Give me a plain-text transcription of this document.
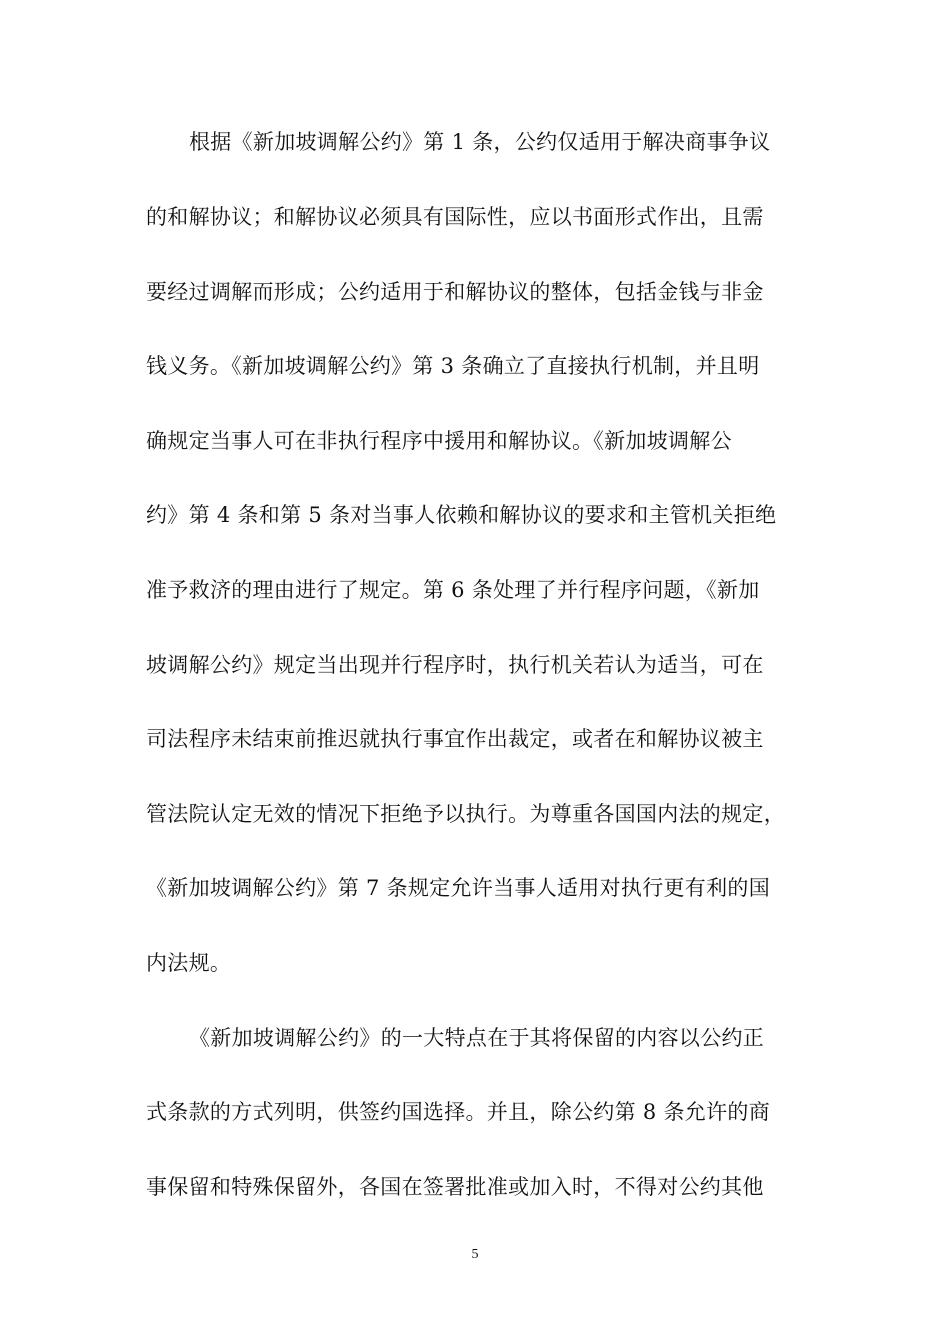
根据《新加坡调解公约》第 1 条，公约仅适用于解决商事争议
的和解协议；和解协议必须具有国际性，应以书面形式作出，且需
要经过调解而形成；公约适用于和解协议的整体，包括金钱与非金
钱义务。《新加坡调解公约》第 3 条确立了直接执行机制，并且明
确规定当事人可在非执行程序中援用和解协议。《新加坡调解公
约》第 4 条和第 5 条对当事人依赖和解协议的要求和主管机关拒绝
准予救济的理由进行了规定。第 6 条处理了并行程序问题，《新加
坡调解公约》规定当出现并行程序时，执行机关若认为适当，可在
司法程序未结束前推迟就执行事宜作出裁定，或者在和解协议被主
管法院认定无效的情况下拒绝予以执行。为尊重各国国内法的规定，
《新加坡调解公约》第 7 条规定允许当事人适用对执行更有利的国
内法规。
《新加坡调解公约》的一大特点在于其将保留的内容以公约正
式条款的方式列明，供签约国选择。并且，除公约第 8 条允许的商
事保留和特殊保留外，各国在签署批准或加入时，不得对公约其他
5
